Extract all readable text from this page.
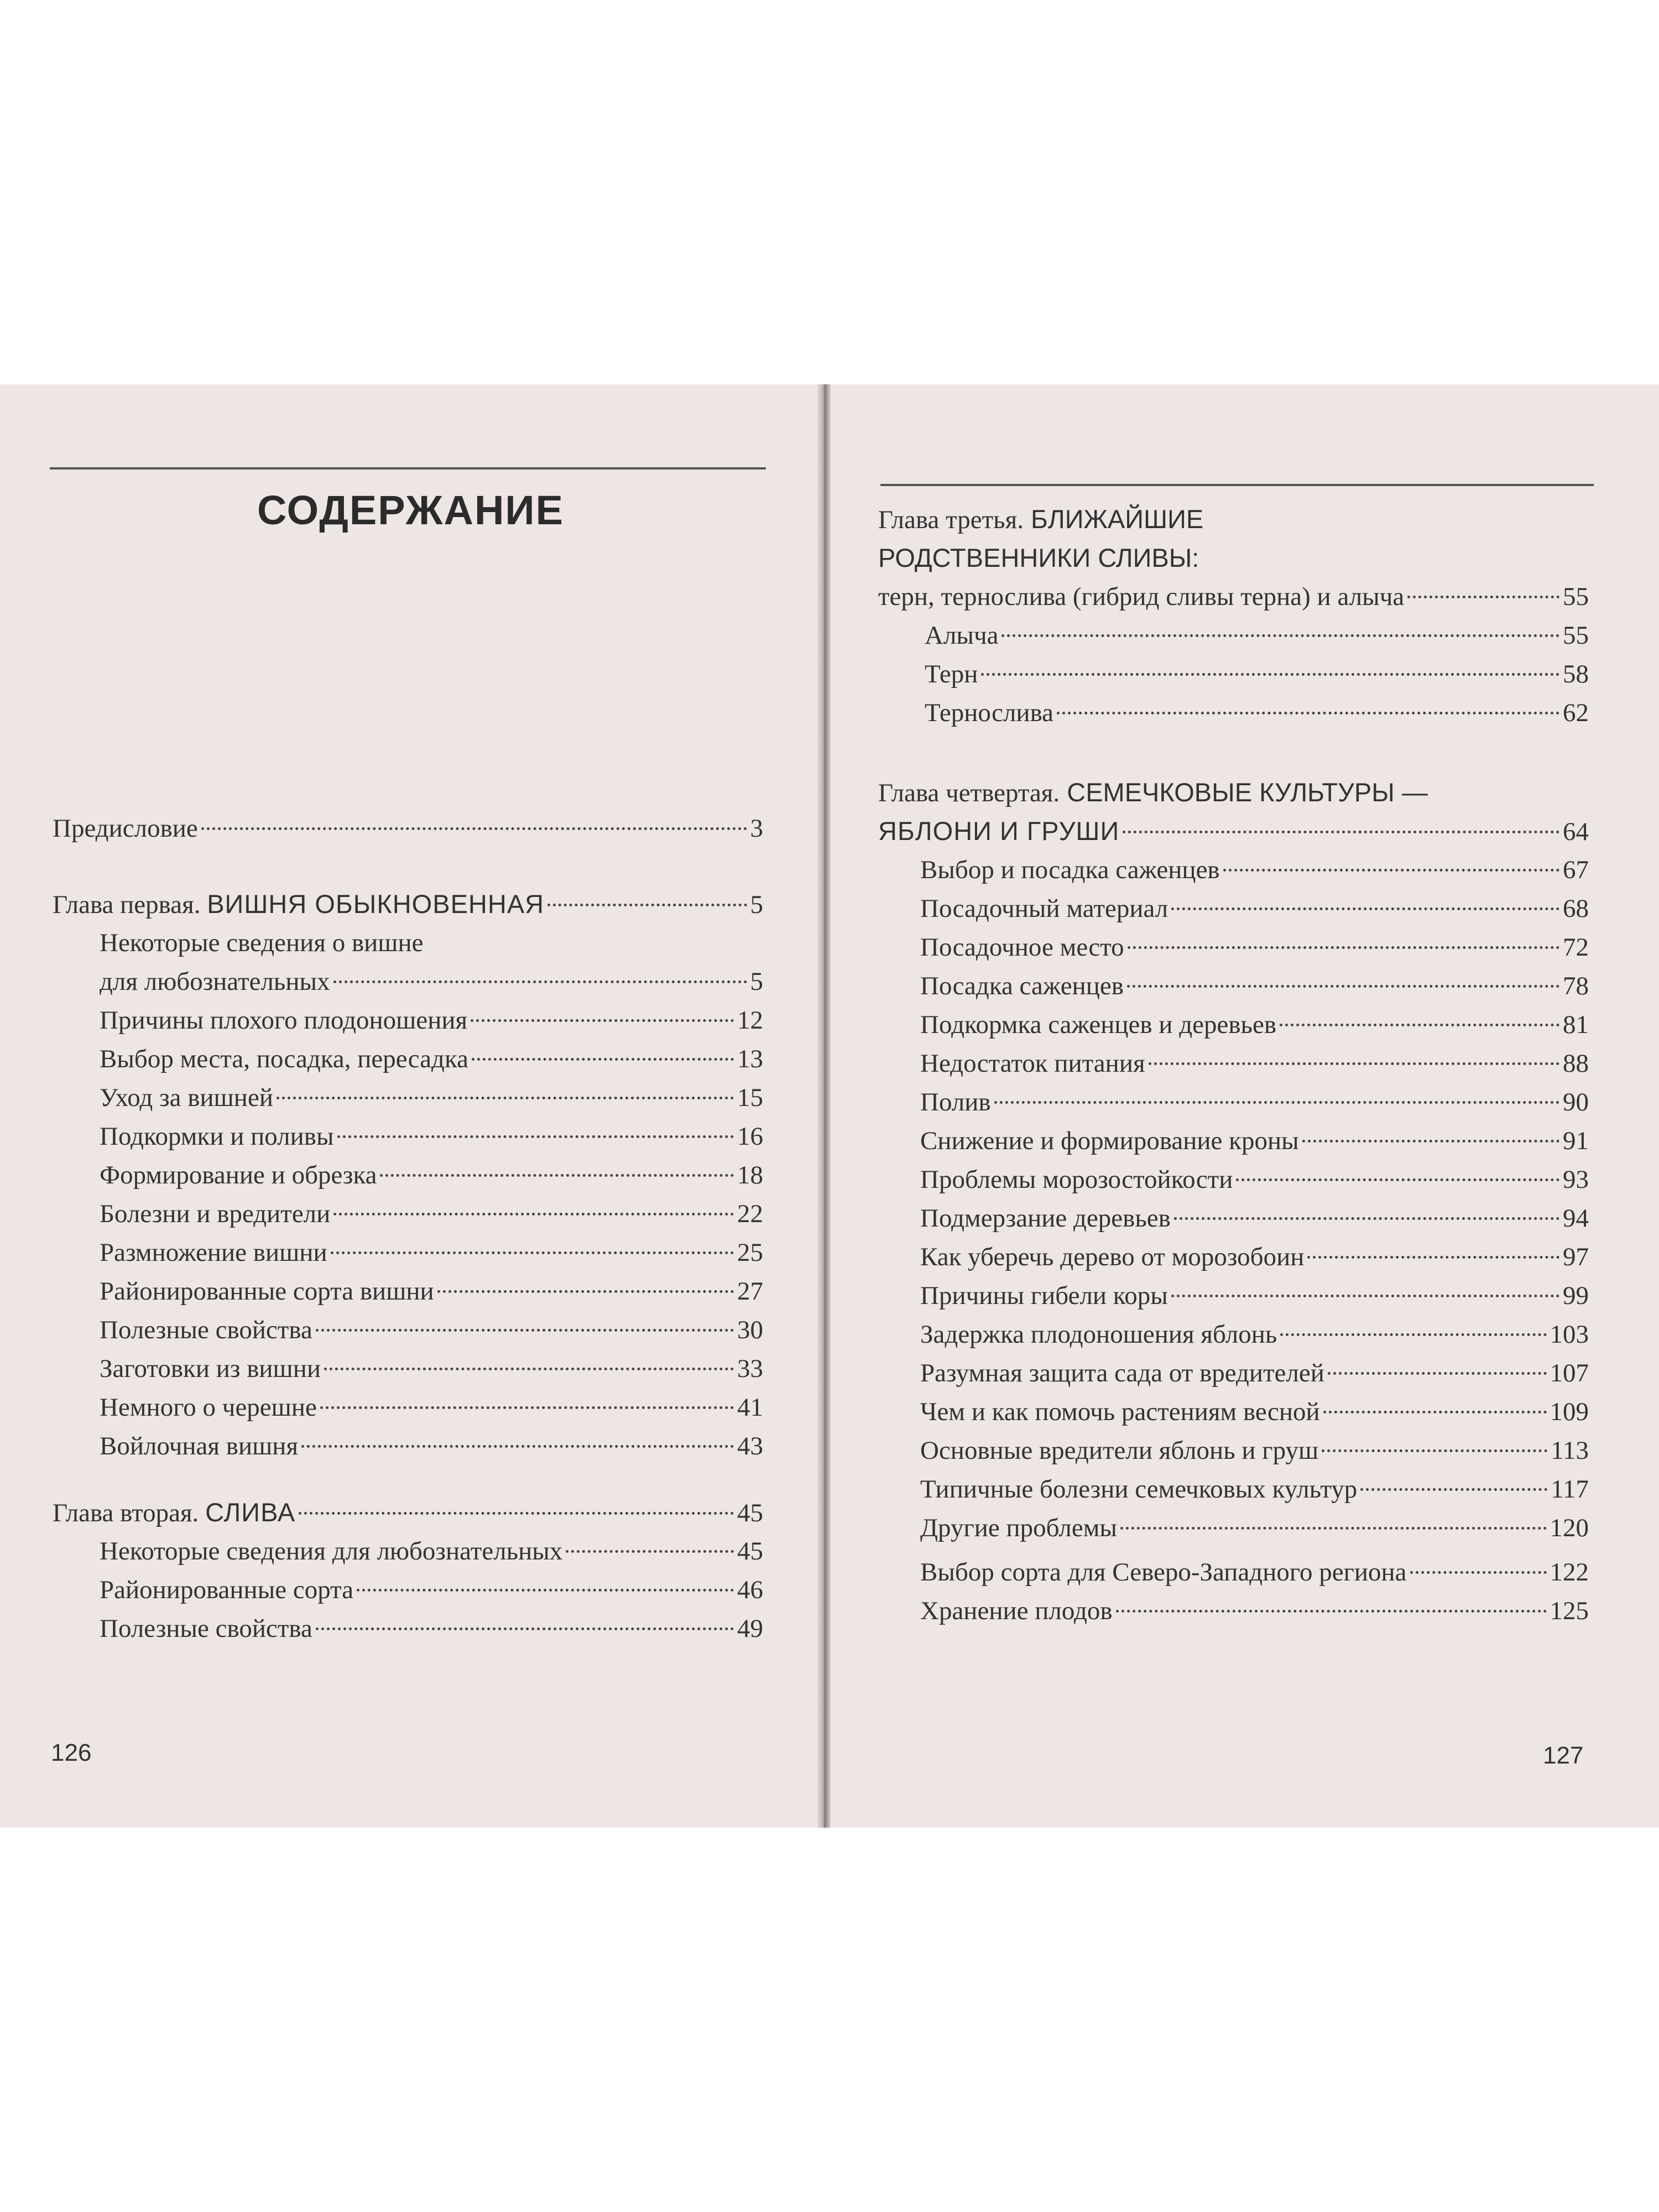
СОДЕРЖАНИЕ
Предисловие	3
Глава первая. ВИШНЯ ОБЫКНОВЕННАЯ	5
Некоторые сведения о вишне
для любознательных	5
Причины плохого плодоношения	12
Выбор места, посадка, пересадка	13
Уход за вишней	15
Подкормки и поливы	16
Формирование и обрезка	18
Болезни и вредители	22
Размножение вишни	25
Районированные сорта вишни	27
Полезные свойства	30
Заготовки из вишни	33
Немного о черешне	41
Войлочная вишня	43
Глава вторая. СЛИВА	45
Некоторые сведения для любознательных	45
Районированные сорта	46
Полезные свойства	49
126
Глава третья. БЛИЖАЙШИЕ
РОДСТВЕННИКИ СЛИВЫ:
терн, тернослива (гибрид сливы терна) и алыча	55
Алыча	55
Терн	58
Тернослива	62
Глава четвертая. СЕМЕЧКОВЫЕ КУЛЬТУРЫ —
ЯБЛОНИ И ГРУШИ	64
Выбор и посадка саженцев	67
Посадочный материал	68
Посадочное место	72
Посадка саженцев	78
Подкормка саженцев и деревьев	81
Недостаток питания	88
Полив	90
Снижение и формирование кроны	91
Проблемы морозостойкости	93
Подмерзание деревьев	94
Как уберечь дерево от морозобоин	97
Причины гибели коры	99
Задержка плодоношения яблонь	103
Разумная защита сада от вредителей	107
Чем и как помочь растениям весной	109
Основные вредители яблонь и груш	113
Типичные болезни семечковых культур	117
Другие проблемы	120
Выбор сорта для Северо-Западного региона	122
Хранение плодов	125
127
